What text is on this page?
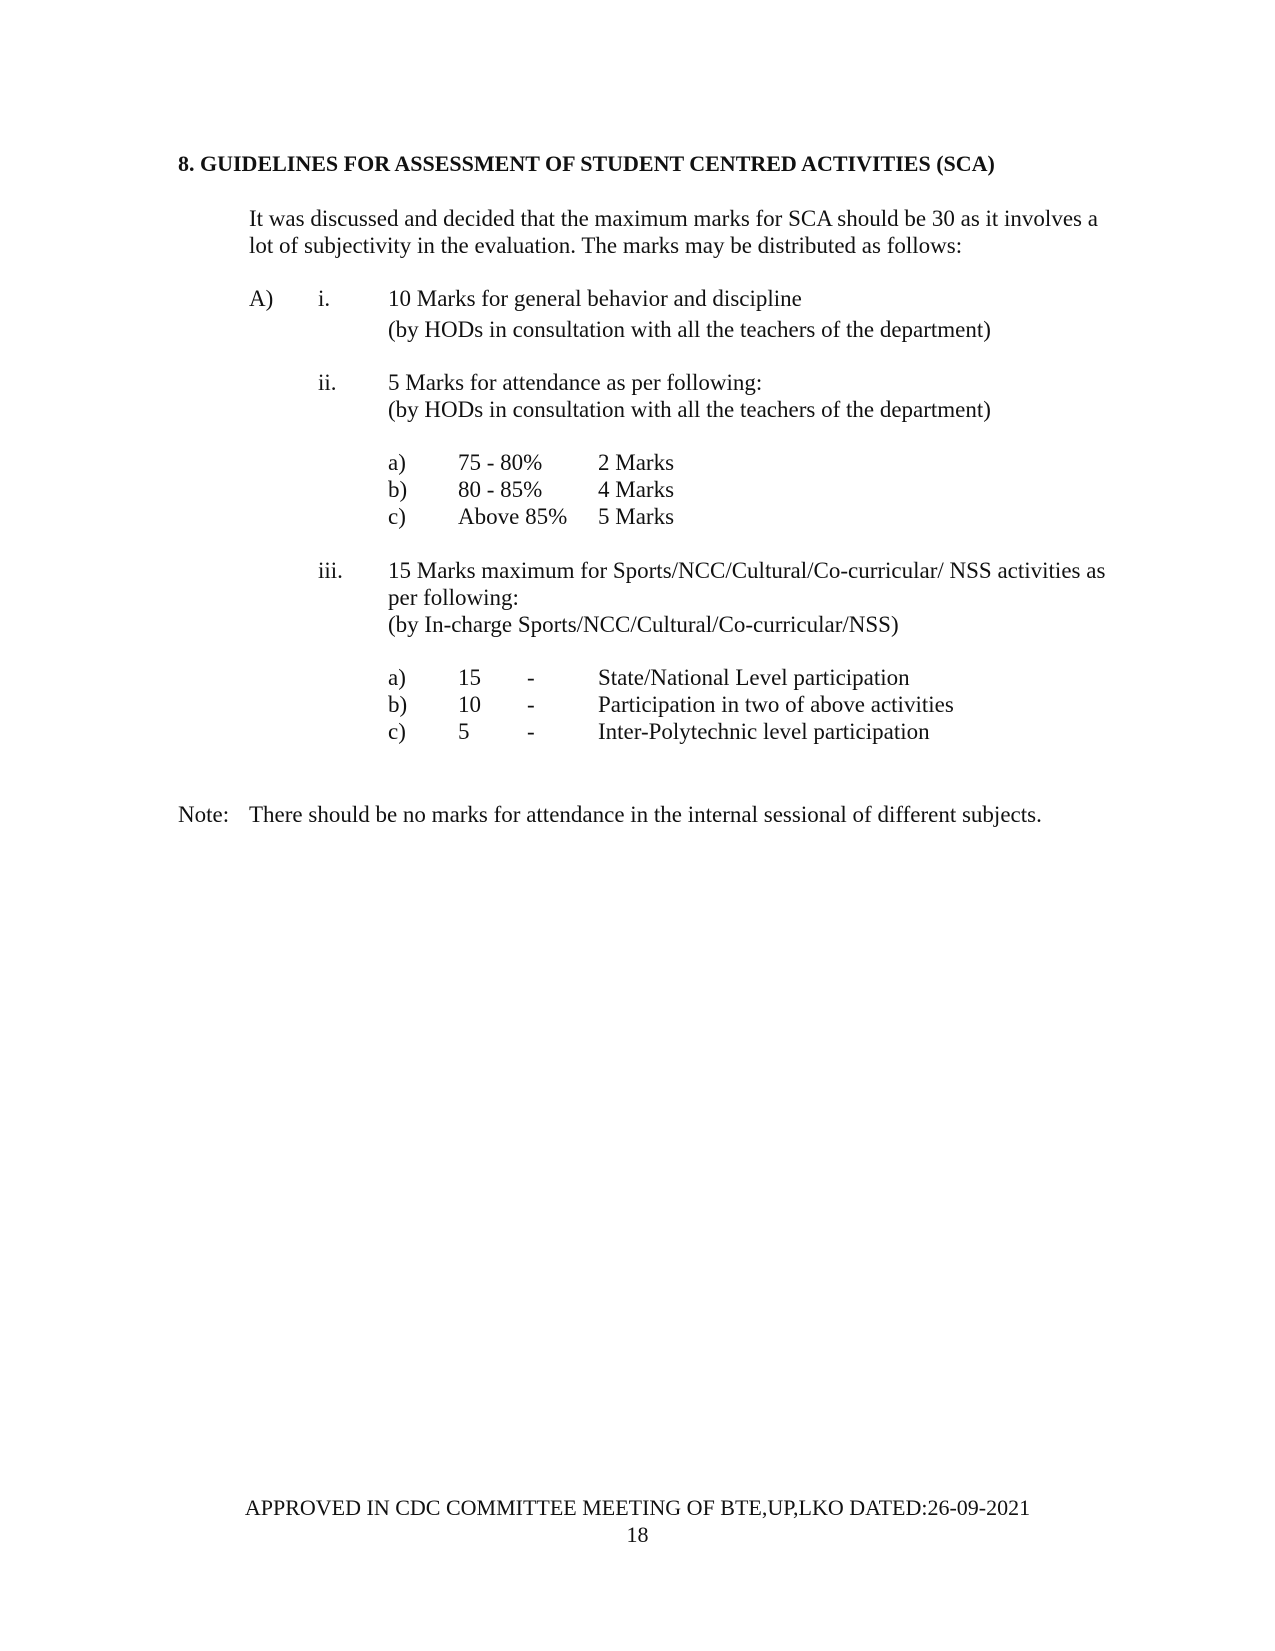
8. GUIDELINES FOR ASSESSMENT OF STUDENT CENTRED ACTIVITIES (SCA)
It was discussed and decided that the maximum marks for SCA should be 30 as it involves a
lot of subjectivity in the evaluation. The marks may be distributed as follows:
A) i.	10 Marks for general behavior and discipline
(by HODs in consultation with all the teachers of the department)
ii. 5 Marks for attendance as per following:
(by HODs in consultation with all the teachers of the department)
a) 75 - 80% 2 Marks
b) 80 - 85% 4 Marks
c) Above 85% 5 Marks
iii. 15 Marks maximum for Sports/NCC/Cultural/Co-curricular/ NSS activities as
per following:
(by In-charge Sports/NCC/Cultural/Co-curricular/NSS)
a) 15 -	State/National Level participation
b) 10 -	Participation in two of above activities
c) 5	-	Inter-Polytechnic level participation
Note: There should be no marks for attendance in the internal sessional of different subjects.
APPROVED IN CDC COMMITTEE MEETING OF BTE,UP,LKO DATED:26-09-2021
18
